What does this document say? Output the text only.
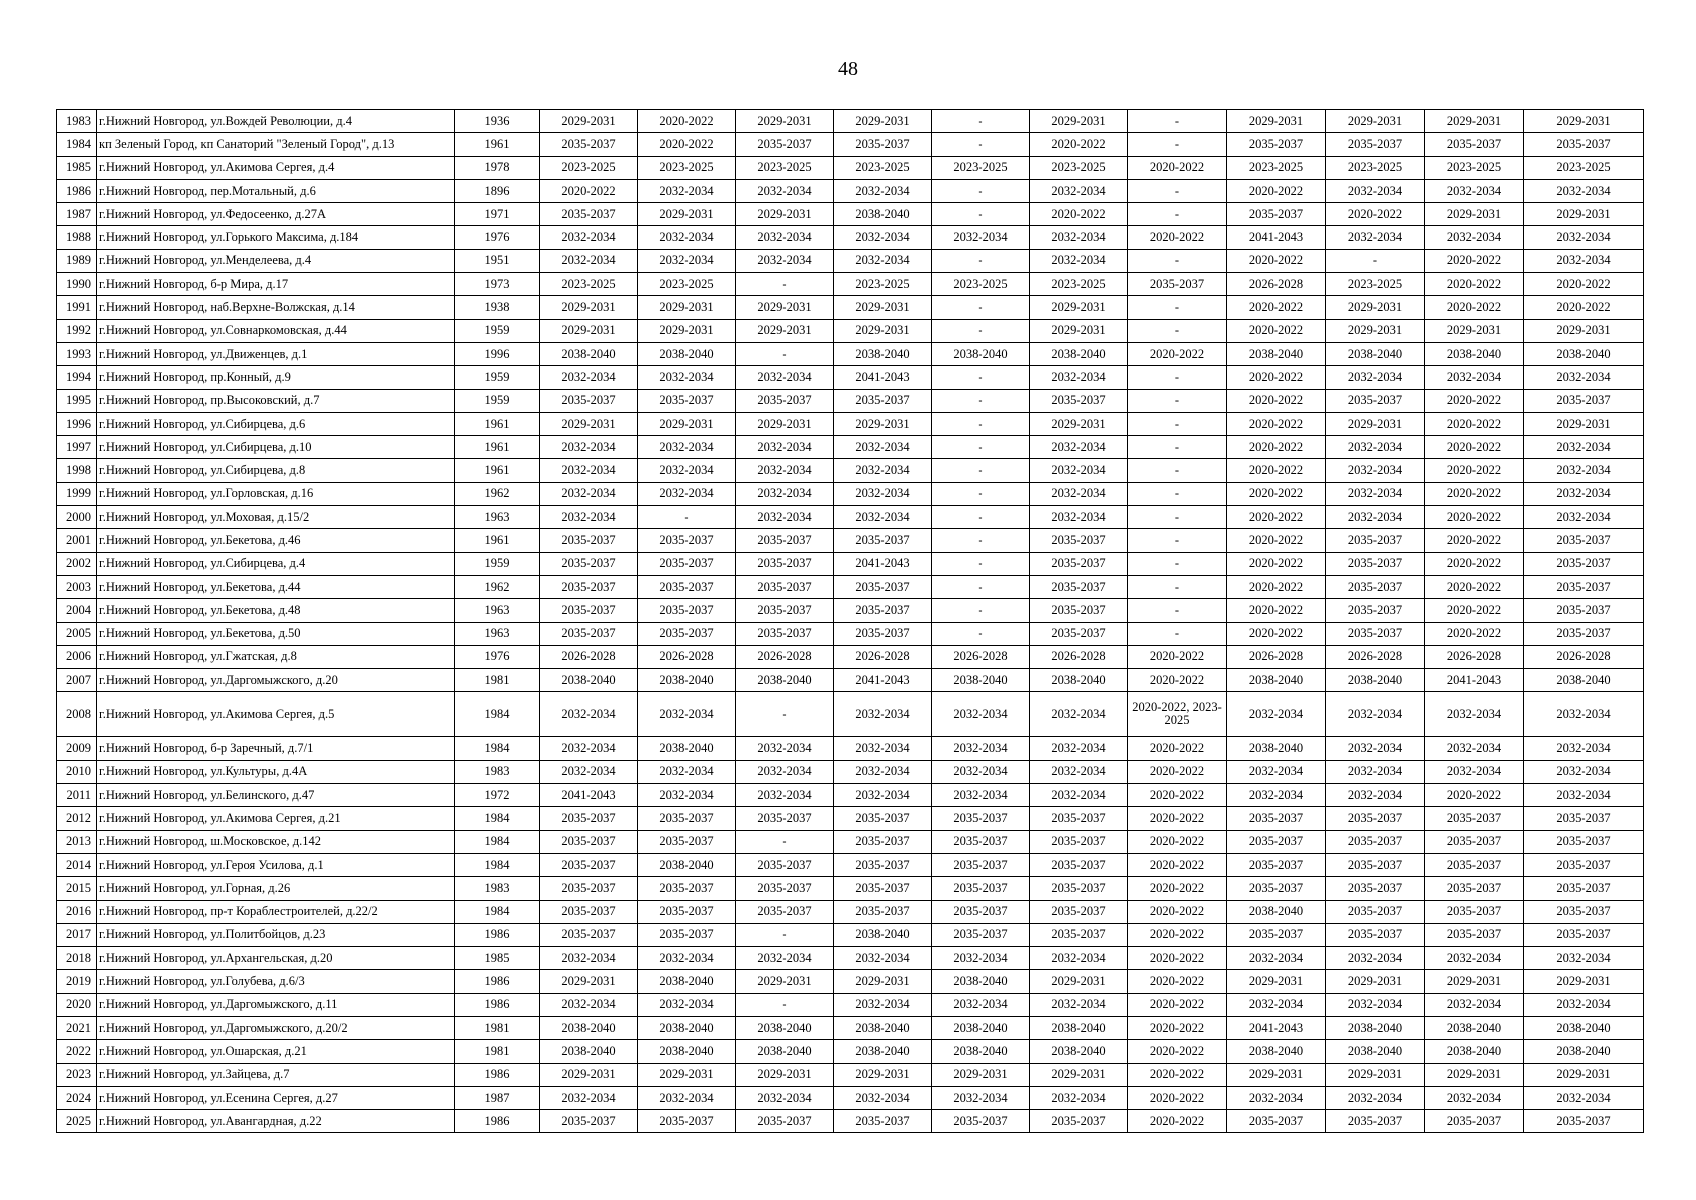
48
1983	г.Нижний Новгород, ул.Вождей Революции, д.4	1936	2029-2031	2020-2022	2029-2031	2029-2031	-	2029-2031	-	2029-2031	2029-2031	2029-2031	2029-2031
1984	кп Зеленый Город, кп Санаторий "Зеленый Город", д.13	1961	2035-2037	2020-2022	2035-2037	2035-2037	-	2020-2022	-	2035-2037	2035-2037	2035-2037	2035-2037
1985	г.Нижний Новгород, ул.Акимова Сергея, д.4	1978	2023-2025	2023-2025	2023-2025	2023-2025	2023-2025	2023-2025	2020-2022	2023-2025	2023-2025	2023-2025	2023-2025
1986	г.Нижний Новгород, пер.Мотальный, д.6	1896	2020-2022	2032-2034	2032-2034	2032-2034	-	2032-2034	-	2020-2022	2032-2034	2032-2034	2032-2034
1987	г.Нижний Новгород, ул.Федосеенко, д.27А	1971	2035-2037	2029-2031	2029-2031	2038-2040	-	2020-2022	-	2035-2037	2020-2022	2029-2031	2029-2031
1988	г.Нижний Новгород, ул.Горького Максима, д.184	1976	2032-2034	2032-2034	2032-2034	2032-2034	2032-2034	2032-2034	2020-2022	2041-2043	2032-2034	2032-2034	2032-2034
1989	г.Нижний Новгород, ул.Менделеева, д.4	1951	2032-2034	2032-2034	2032-2034	2032-2034	-	2032-2034	-	2020-2022	-	2020-2022	2032-2034
1990	г.Нижний Новгород, б-р Мира, д.17	1973	2023-2025	2023-2025	-	2023-2025	2023-2025	2023-2025	2035-2037	2026-2028	2023-2025	2020-2022	2020-2022
1991	г.Нижний Новгород, наб.Верхне-Волжская, д.14	1938	2029-2031	2029-2031	2029-2031	2029-2031	-	2029-2031	-	2020-2022	2029-2031	2020-2022	2020-2022
1992	г.Нижний Новгород, ул.Совнаркомовская, д.44	1959	2029-2031	2029-2031	2029-2031	2029-2031	-	2029-2031	-	2020-2022	2029-2031	2029-2031	2029-2031
1993	г.Нижний Новгород, ул.Движенцев, д.1	1996	2038-2040	2038-2040	-	2038-2040	2038-2040	2038-2040	2020-2022	2038-2040	2038-2040	2038-2040	2038-2040
1994	г.Нижний Новгород, пр.Конный, д.9	1959	2032-2034	2032-2034	2032-2034	2041-2043	-	2032-2034	-	2020-2022	2032-2034	2032-2034	2032-2034
1995	г.Нижний Новгород, пр.Высоковский, д.7	1959	2035-2037	2035-2037	2035-2037	2035-2037	-	2035-2037	-	2020-2022	2035-2037	2020-2022	2035-2037
1996	г.Нижний Новгород, ул.Сибирцева, д.6	1961	2029-2031	2029-2031	2029-2031	2029-2031	-	2029-2031	-	2020-2022	2029-2031	2020-2022	2029-2031
1997	г.Нижний Новгород, ул.Сибирцева, д.10	1961	2032-2034	2032-2034	2032-2034	2032-2034	-	2032-2034	-	2020-2022	2032-2034	2020-2022	2032-2034
1998	г.Нижний Новгород, ул.Сибирцева, д.8	1961	2032-2034	2032-2034	2032-2034	2032-2034	-	2032-2034	-	2020-2022	2032-2034	2020-2022	2032-2034
1999	г.Нижний Новгород, ул.Горловская, д.16	1962	2032-2034	2032-2034	2032-2034	2032-2034	-	2032-2034	-	2020-2022	2032-2034	2020-2022	2032-2034
2000	г.Нижний Новгород, ул.Моховая, д.15/2	1963	2032-2034	-	2032-2034	2032-2034	-	2032-2034	-	2020-2022	2032-2034	2020-2022	2032-2034
2001	г.Нижний Новгород, ул.Бекетова, д.46	1961	2035-2037	2035-2037	2035-2037	2035-2037	-	2035-2037	-	2020-2022	2035-2037	2020-2022	2035-2037
2002	г.Нижний Новгород, ул.Сибирцева, д.4	1959	2035-2037	2035-2037	2035-2037	2041-2043	-	2035-2037	-	2020-2022	2035-2037	2020-2022	2035-2037
2003	г.Нижний Новгород, ул.Бекетова, д.44	1962	2035-2037	2035-2037	2035-2037	2035-2037	-	2035-2037	-	2020-2022	2035-2037	2020-2022	2035-2037
2004	г.Нижний Новгород, ул.Бекетова, д.48	1963	2035-2037	2035-2037	2035-2037	2035-2037	-	2035-2037	-	2020-2022	2035-2037	2020-2022	2035-2037
2005	г.Нижний Новгород, ул.Бекетова, д.50	1963	2035-2037	2035-2037	2035-2037	2035-2037	-	2035-2037	-	2020-2022	2035-2037	2020-2022	2035-2037
2006	г.Нижний Новгород, ул.Гжатская, д.8	1976	2026-2028	2026-2028	2026-2028	2026-2028	2026-2028	2026-2028	2020-2022	2026-2028	2026-2028	2026-2028	2026-2028
2007	г.Нижний Новгород, ул.Даргомыжского, д.20	1981	2038-2040	2038-2040	2038-2040	2041-2043	2038-2040	2038-2040	2020-2022	2038-2040	2038-2040	2041-2043	2038-2040
2008	г.Нижний Новгород, ул.Акимова Сергея, д.5	1984	2032-2034	2032-2034	-	2032-2034	2032-2034	2032-2034	2020-2022, 2023-2025	2032-2034	2032-2034	2032-2034	2032-2034
2009	г.Нижний Новгород, б-р Заречный, д.7/1	1984	2032-2034	2038-2040	2032-2034	2032-2034	2032-2034	2032-2034	2020-2022	2038-2040	2032-2034	2032-2034	2032-2034
2010	г.Нижний Новгород, ул.Культуры, д.4А	1983	2032-2034	2032-2034	2032-2034	2032-2034	2032-2034	2032-2034	2020-2022	2032-2034	2032-2034	2032-2034	2032-2034
2011	г.Нижний Новгород, ул.Белинского, д.47	1972	2041-2043	2032-2034	2032-2034	2032-2034	2032-2034	2032-2034	2020-2022	2032-2034	2032-2034	2020-2022	2032-2034
2012	г.Нижний Новгород, ул.Акимова Сергея, д.21	1984	2035-2037	2035-2037	2035-2037	2035-2037	2035-2037	2035-2037	2020-2022	2035-2037	2035-2037	2035-2037	2035-2037
2013	г.Нижний Новгород, ш.Московское, д.142	1984	2035-2037	2035-2037	-	2035-2037	2035-2037	2035-2037	2020-2022	2035-2037	2035-2037	2035-2037	2035-2037
2014	г.Нижний Новгород, ул.Героя Усилова, д.1	1984	2035-2037	2038-2040	2035-2037	2035-2037	2035-2037	2035-2037	2020-2022	2035-2037	2035-2037	2035-2037	2035-2037
2015	г.Нижний Новгород, ул.Горная, д.26	1983	2035-2037	2035-2037	2035-2037	2035-2037	2035-2037	2035-2037	2020-2022	2035-2037	2035-2037	2035-2037	2035-2037
2016	г.Нижний Новгород, пр-т Кораблестроителей, д.22/2	1984	2035-2037	2035-2037	2035-2037	2035-2037	2035-2037	2035-2037	2020-2022	2038-2040	2035-2037	2035-2037	2035-2037
2017	г.Нижний Новгород, ул.Политбойцов, д.23	1986	2035-2037	2035-2037	-	2038-2040	2035-2037	2035-2037	2020-2022	2035-2037	2035-2037	2035-2037	2035-2037
2018	г.Нижний Новгород, ул.Архангельская, д.20	1985	2032-2034	2032-2034	2032-2034	2032-2034	2032-2034	2032-2034	2020-2022	2032-2034	2032-2034	2032-2034	2032-2034
2019	г.Нижний Новгород, ул.Голубева, д.6/3	1986	2029-2031	2038-2040	2029-2031	2029-2031	2038-2040	2029-2031	2020-2022	2029-2031	2029-2031	2029-2031	2029-2031
2020	г.Нижний Новгород, ул.Даргомыжского, д.11	1986	2032-2034	2032-2034	-	2032-2034	2032-2034	2032-2034	2020-2022	2032-2034	2032-2034	2032-2034	2032-2034
2021	г.Нижний Новгород, ул.Даргомыжского, д.20/2	1981	2038-2040	2038-2040	2038-2040	2038-2040	2038-2040	2038-2040	2020-2022	2041-2043	2038-2040	2038-2040	2038-2040
2022	г.Нижний Новгород, ул.Ошарская, д.21	1981	2038-2040	2038-2040	2038-2040	2038-2040	2038-2040	2038-2040	2020-2022	2038-2040	2038-2040	2038-2040	2038-2040
2023	г.Нижний Новгород, ул.Зайцева, д.7	1986	2029-2031	2029-2031	2029-2031	2029-2031	2029-2031	2029-2031	2020-2022	2029-2031	2029-2031	2029-2031	2029-2031
2024	г.Нижний Новгород, ул.Есенина Сергея, д.27	1987	2032-2034	2032-2034	2032-2034	2032-2034	2032-2034	2032-2034	2020-2022	2032-2034	2032-2034	2032-2034	2032-2034
2025	г.Нижний Новгород, ул.Авангардная, д.22	1986	2035-2037	2035-2037	2035-2037	2035-2037	2035-2037	2035-2037	2020-2022	2035-2037	2035-2037	2035-2037	2035-2037
